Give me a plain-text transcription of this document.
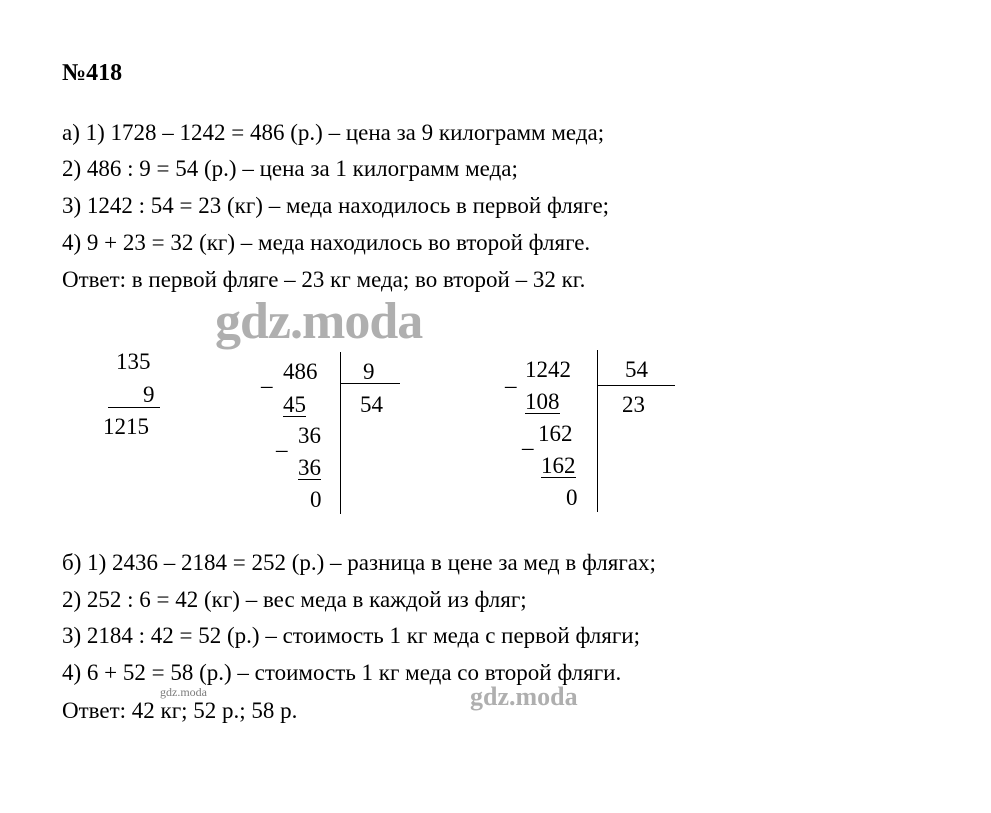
№418
а) 1) 1728 – 1242 = 486 (р.) – цена за 9 килограмм меда;
2) 486 : 9 = 54 (р.) – цена за 1 килограмм меда;
3) 1242 : 54 = 23 (кг) – меда находилось в первой фляге;
4) 9 + 23 = 32 (кг) – меда находилось во второй фляге.
Ответ: в первой фляге – 23 кг меда; во второй – 32 кг.
135
9
1215
_ 486 9
54
45
_ 36
36
0
_ 1242 54
23
108
_ 162
162
0
б) 1) 2436 – 2184 = 252 (р.) – разница в цене за мед в флягах;
2) 252 : 6 = 42 (кг) – вес меда в каждой из фляг;
3) 2184 : 42 = 52 (р.) – стоимость 1 кг меда с первой фляги;
4) 6 + 52 = 58 (р.) – стоимость 1 кг меда со второй фляги.
Ответ: 42 кг; 52 р.; 58 р.
gdz.moda
gdz.moda
gdz.moda
